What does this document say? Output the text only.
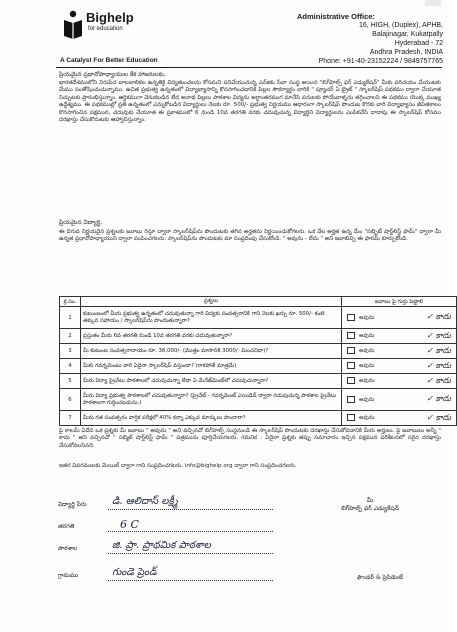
Bighelp
for education
A Catalyst For Better Education
Administrative Office:
16, HIGH, (Duplex), APHB,
Balajinagar, Kukatpally
Hyderabad - 72
Andhra Pradesh, INDIA
Phone: +91-40-23152224 / 9849757765
ప్రియమైన ప్రధానోపాధ్యాయుల కేక హాజరులకు,
భారతదేశములోని నిరుపేద బాలబాలికల ఉన్నతికై విద్యతుంచలను కోసమని పనిచేయుచున్న ఎన్‌జిఓ సేవా సంస్థ అయిన "బిగ్‌హెల్ప్ ఫర్ ఎడ్యుకేషన్" మీకు పరిచయం చేయుటకు మేము సంతోషించుచున్నాము. ఉచిత ప్రభుత్వ ఉన్నతంలో విద్యాభ్యాసాన్ని కొనసాగించడానికి పిల్లల సౌకర్యార్థం వారికి " ప్యూచర్ ఏ బ్రైట్ " స్కాలర్‌షిప్ పథకము ద్వారా చేయూత నిచ్చుటకు ప్రారంభిస్తున్నాం. ఆర్థికముగా వెనుకబడిన లేద అనాథ పిల్లలు పాఠశాల విద్యను అర్ధాంతరముగ మానేసి పనులకు పోయేవాళ్ళను తగ్గించాలని ఈ పథకము యొక్క ముఖ్య ఉద్దేశ్యము. ఈ పథకముల్లో ప్రతి ఉన్నతంలో ఎన్నుకోబడిన విద్యార్ధులు నెలకు రూ. 500/- ప్రభుత్వ నిర్ణయము ఆధారంగా స్కాలర్‌షిప్ పొందుట కొరకు వారి విద్యాభ్యాసం జీవితకాలం కొనసాగించిన పక్షమున, చదువుకు చేయూత ఈ ప్రకాశములో 6 నుండి 10వ తరగతి వరకు చదువుచున్న విద్యార్థిని విద్యార్థులను ఎంపికచేసే దాదాపు ఈ స్కాలర్‌షిప్ కోసము దరఖాస్తు చేసుకొనుటకు ఆహ్వానిస్తున్నాం.
ప్రియమైన విద్యార్థి,
ఈ దిగువ నిర్ణయవైన ప్రశ్నలకు జవాబు రిస్తూ ద్వారా స్కాలర్‌షిప్‌ను పొందుటకు తగిన అర్హతను నిర్ణయించుకోగలరు. ఒక వేల అర్హత ఉన్న మేం "సబ్బిట్ షార్ట్‌లిస్ట్ ఫామ్" ద్వారా మీ ఉన్నత ప్రధానోపాధ్యాయుని ద్వారా పంపించగలరు. స్కాలర్‌షిప్‌ను పొందుటకు మా సంప్రదింపు చేసుకోండి. " అవును - లేదు " అని జవాబిచ్చి ఈ ఫారమ్ కూర్చుకోండి.
క్ర.సం.	ప్రశ్నలు	జవాబు పై గుర్తు పెట్టాలి
1	కుటుంబంలో మీరు ప్రభుత్వ ఉన్నతంలో చదువుతున్నా గారి విద్యకు సంవత్సరానికి గాని నెలకు ఖర్చు రూ. 500/- కంటె తక్కువ సహాయం / స్కాలర్‌షిప్‌ను పొందుతున్నారా?	అవును ✓ కాదు

2	ప్రస్తుతం మీరు 6వ తరగతి నుండి 10వ తరగతి వరకు చదువుతున్నారా?	అవును ✓ కాదు

3	మీ కుటుంబ సంవత్సరాదాయం రూ. 36,000/- (మొత్తం మాసానికి 3000/- మించనిదా)?	అవును ✓ కాదు

4	మీకు గవర్నమెంటు వారి ఏదైనా స్కాలర్‌షిప్ వస్తుందా? (రాకపోతే మాత్రమే)	అవును ✓ కాదు

5	మీరు విద్యా ప్రైవేటు పాఠశాలలో చదువుచున్నా లేదా ఏ మేనేజ్‌మెంట్‌లో చదువుచున్నారా?	అవును ✓ కాదు

6	మీరు విద్యా ప్రభుత్వ పాఠశాలలో చదువుతున్నారా? (ప్రైవేట్ - గవర్నమెంట్ ఎయిడెడ్ ద్వారా నడుపుచున్న పాఠశాల ప్రైవేటు పాఠశాలగా గుర్తించబడును.)	అవును ✓ కాదు

7	మీరు గత సంవత్సరం వార్షిక పరీక్షలో 40% కన్నా ఎక్కువ మార్కులు పొందారా?	అవును ✓ కాదు
పై కాలమ్ ఏదేని ఒక ప్రశ్నకు మీ జవాబు " అవును " అని వచ్చినచో బిగ్‌హెల్ప్ సంస్థనుండి ఈ స్కాలర్‌షిప్ పొందుటకు దరఖాస్తు చేసుకోవడానికి మీరు అర్హులు. పై జవాబులు అన్నీ " కాదు " అని వచ్చినచో " సబ్మిట్ షార్ట్‌లిస్ట్ ఫామ్ " పత్రమును పూర్తిచేయగలరు. గమనిక : ఏదైనా ప్రశ్నకు తప్పు సమాచారం ఇచ్చిన పక్షమున పరిశీలనలో సరైన దరఖాస్తు చేసుకోవలసినది.
ఇతర వివరములకు మెయిల్ ద్వారా గాని సంప్రదించగలరు. info@bighelp.org ద్వారా గాని సంప్రదించగలరు.
విద్యార్థి పేరు	డి. ఆలిదాస్ లక్ష్మీ
తరగతి	6 C
పాఠశాల	జి. ప్రా. ప్రాథమిక పాఠశాల
గ్రామము	గుండె ప్రెండ్
మీ
బిగ్‌హెల్ప్ ఫర్ ఎడ్యుకేషన్
ఫౌండర్ & ప్రెసిడెంట్
